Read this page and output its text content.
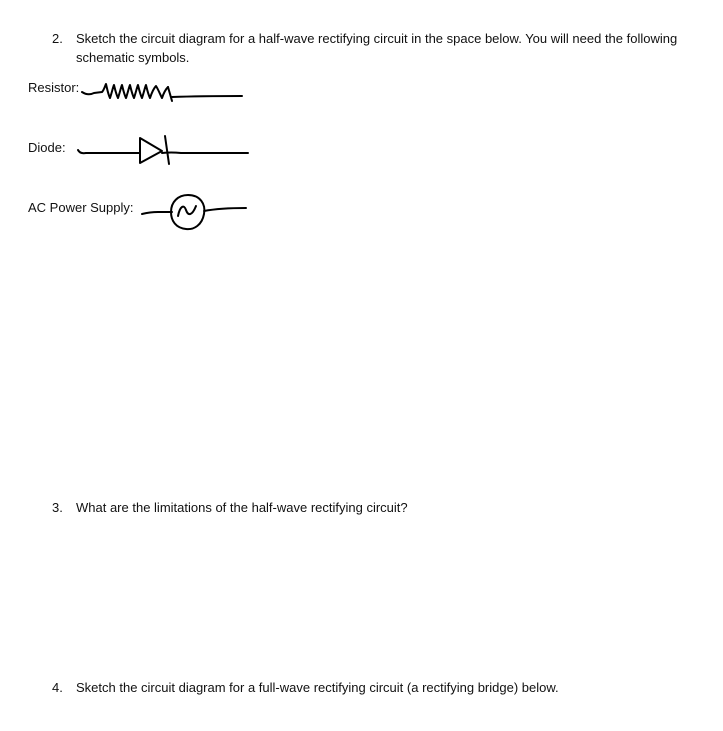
2. Sketch the circuit diagram for a half-wave rectifying circuit in the space below. You will need the following schematic symbols.
Resistor:
Diode:
AC Power Supply:
3. What are the limitations of the half-wave rectifying circuit?
4. Sketch the circuit diagram for a full-wave rectifying circuit (a rectifying bridge) below.
